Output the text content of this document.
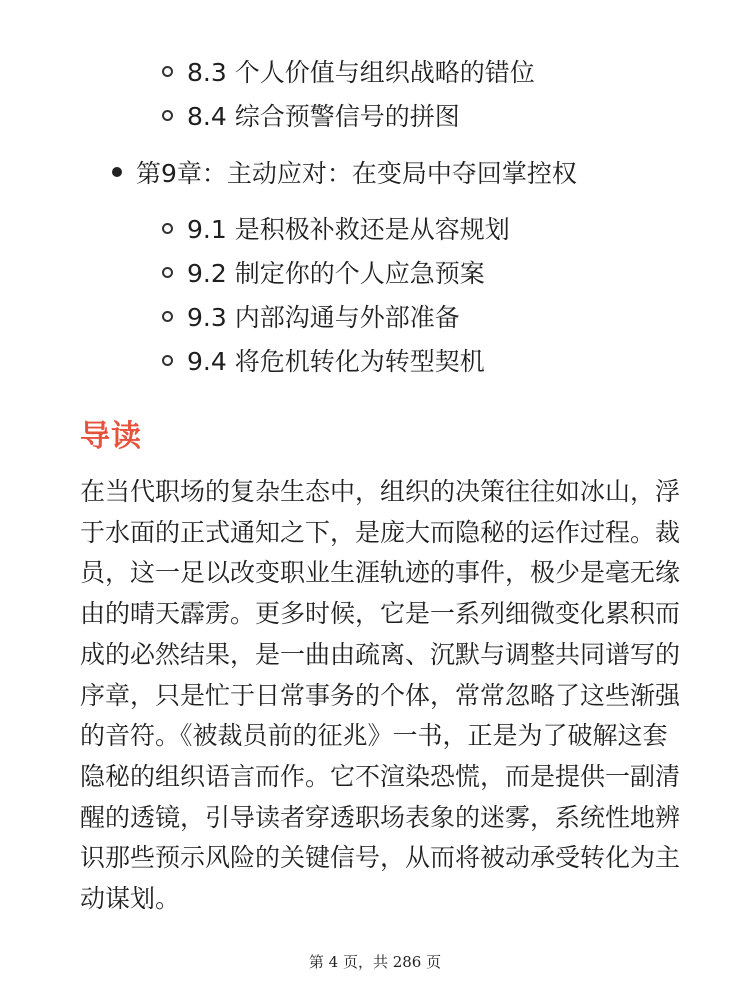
8.3 个人价值与组织战略的错位
8.4 综合预警信号的拼图
第9章：主动应对：在变局中夺回掌控权
9.1 是积极补救还是从容规划
9.2 制定你的个人应急预案
9.3 内部沟通与外部准备
9.4 将危机转化为转型契机
导读
在当代职场的复杂生态中，组织的决策往往如冰山，浮于水面的正式通知之下，是庞大而隐秘的运作过程。裁员，这一足以改变职业生涯轨迹的事件，极少是毫无缘由的晴天霹雳。更多时候，它是一系列细微变化累积而成的必然结果，是一曲由疏离、沉默与调整共同谱写的序章，只是忙于日常事务的个体，常常忽略了这些渐强的音符。《被裁员前的征兆》一书，正是为了破解这套隐秘的组织语言而作。它不渲染恐慌，而是提供一副清醒的透镜，引导读者穿透职场表象的迷雾，系统性地辨识那些预示风险的关键信号，从而将被动承受转化为主动谋划。
第 4 页，共 286 页
